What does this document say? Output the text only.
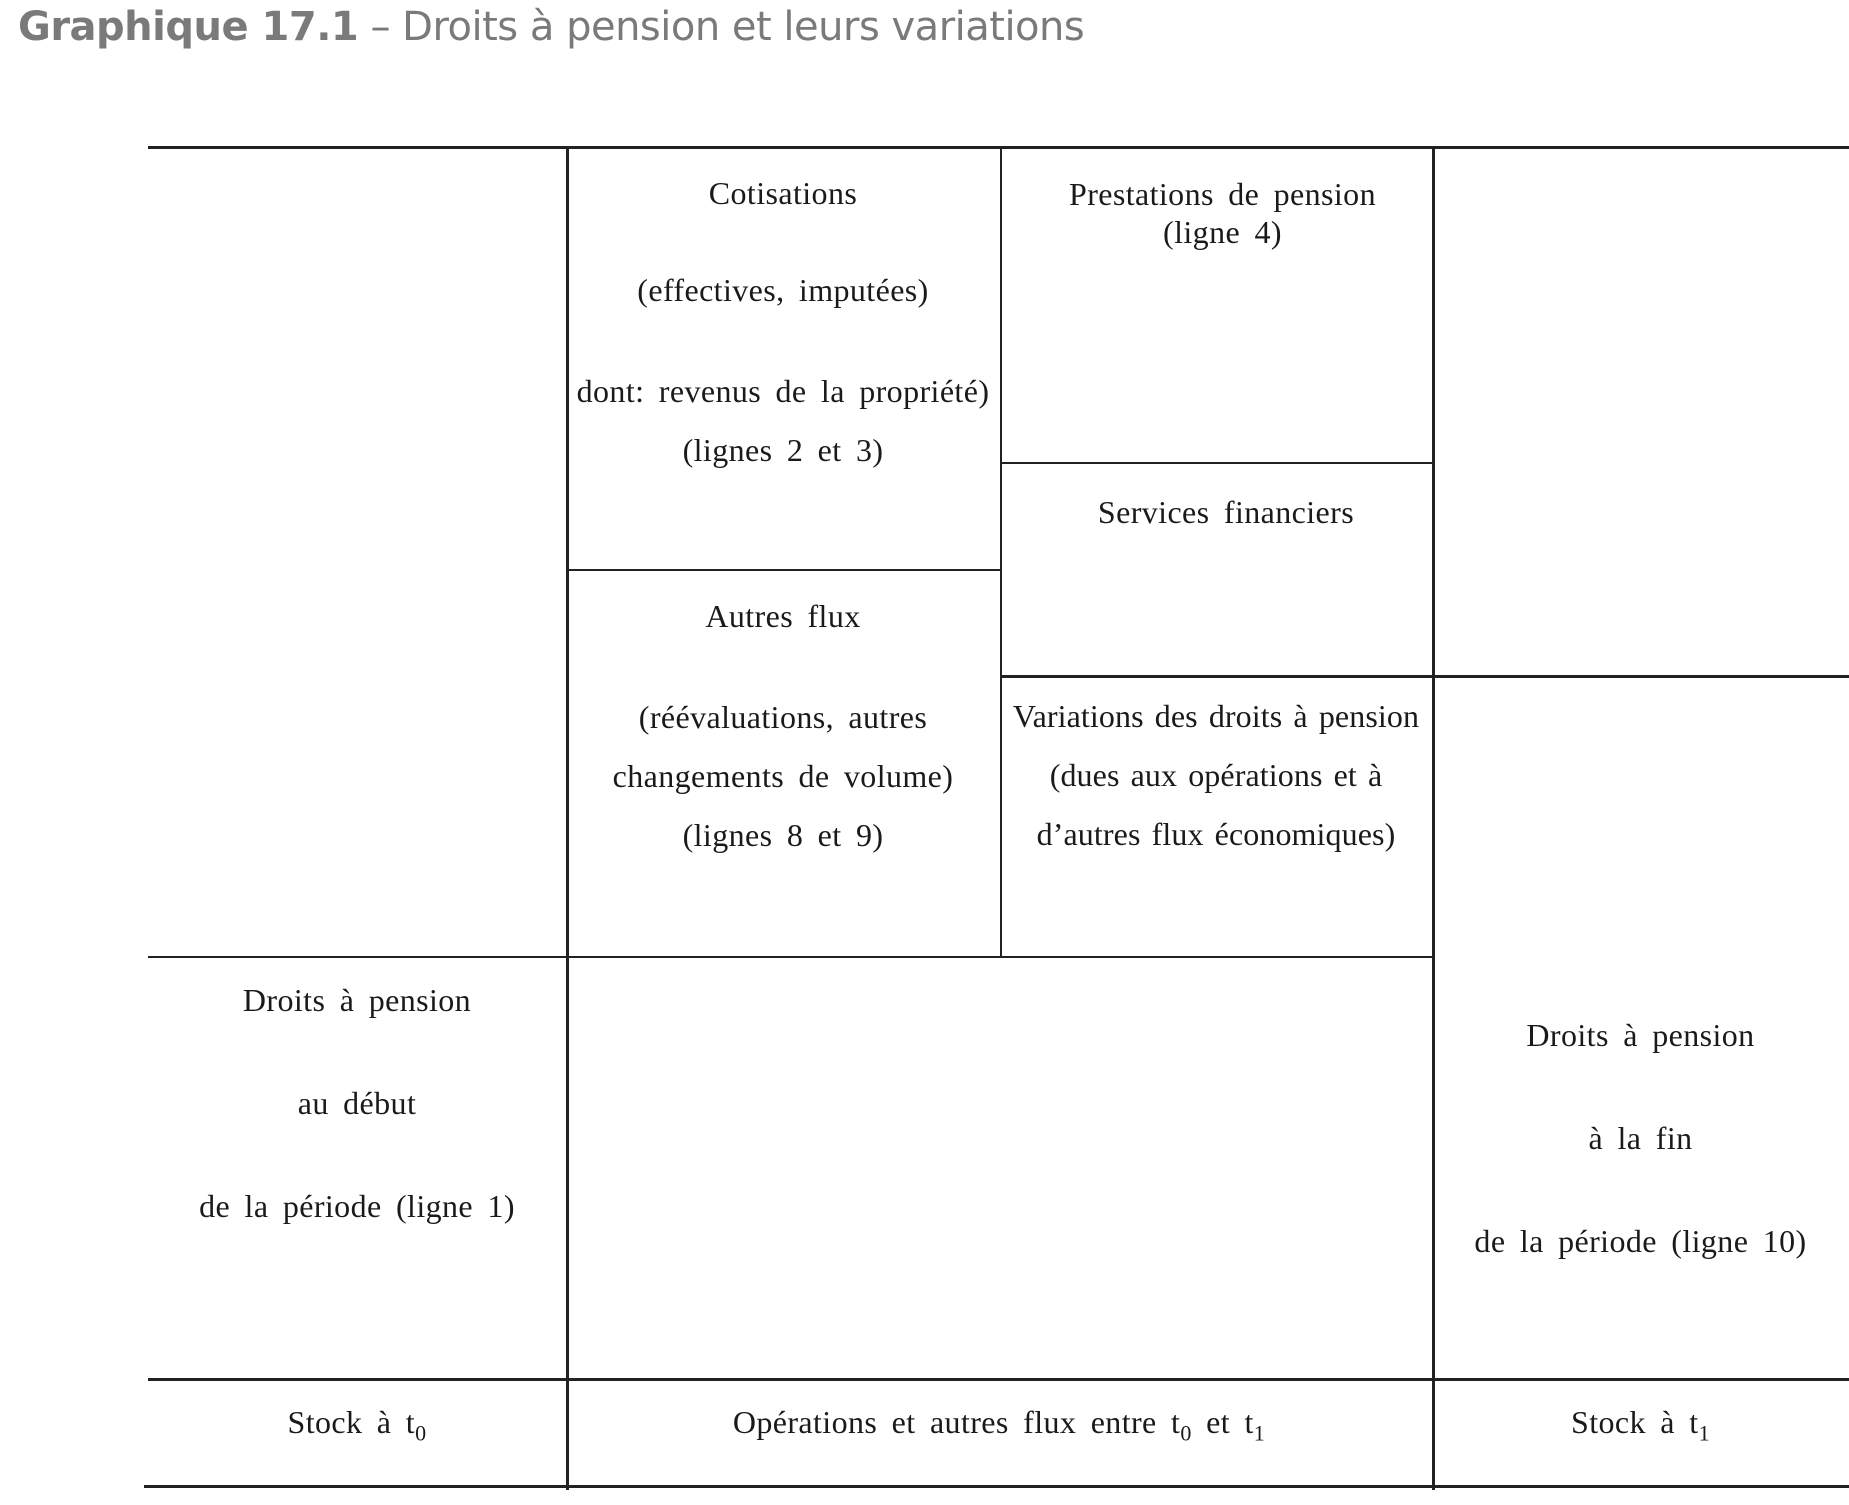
Graphique 17.1 – Droits à pension et leurs variations
Cotisations
(effectives, imputées)
dont: revenus de la propriété)
(lignes 2 et 3)
Prestations de pension
(ligne 4)
Services financiers
Autres flux
(réévaluations, autres
changements de volume)
(lignes 8 et 9)
Variations des droits à pension
(dues aux opérations et à
d’autres flux économiques)
Droits à pension
au début
de la période (ligne 1)
Droits à pension
à la fin
de la période (ligne 10)
Stock à $t_0$	Opérations et autres flux entre $t_0$ et $t_1$	Stock à $t_1$
